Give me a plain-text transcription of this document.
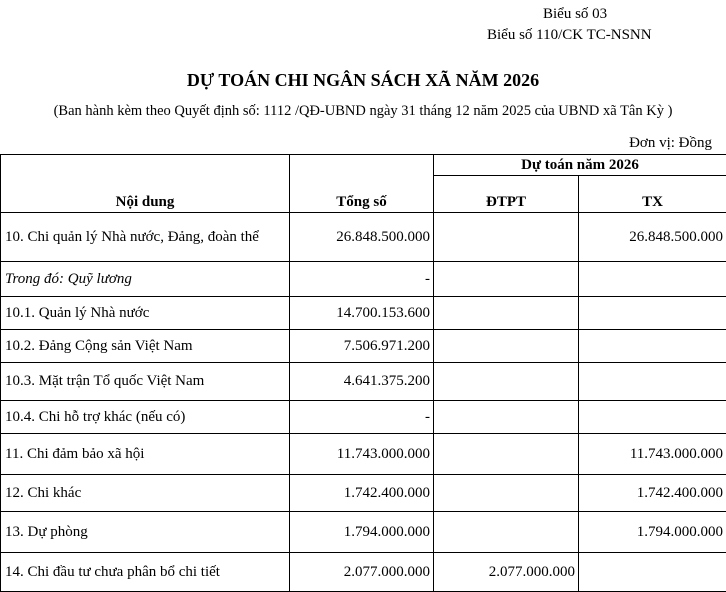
Biểu số 03
Biểu số 110/CK TC-NSNN
DỰ TOÁN CHI NGÂN SÁCH XÃ NĂM 2026
(Ban hành kèm theo Quyết định số: 1112 /QĐ-UBND ngày 31 tháng 12 năm 2025 của UBND xã Tân Kỳ )
Đơn vị: Đồng
		Dự toán năm 2026	
Nội dung	Tổng số	ĐTPT	TX
10. Chi quản lý Nhà nước, Đảng, đoàn thể	26.848.500.000		26.848.500.000
Trong đó: Quỹ lương	-		
10.1. Quản lý Nhà nước	14.700.153.600		
10.2. Đảng Cộng sản Việt Nam	7.506.971.200		
10.3. Mặt trận Tổ quốc Việt Nam	4.641.375.200		
10.4. Chi hỗ trợ khác (nếu có)	-		
11. Chi đảm bảo xã hội	11.743.000.000		11.743.000.000
12. Chi khác	1.742.400.000		1.742.400.000
13. Dự phòng	1.794.000.000		1.794.000.000
14. Chi đầu tư chưa phân bổ chi tiết	2.077.000.000	2.077.000.000	
